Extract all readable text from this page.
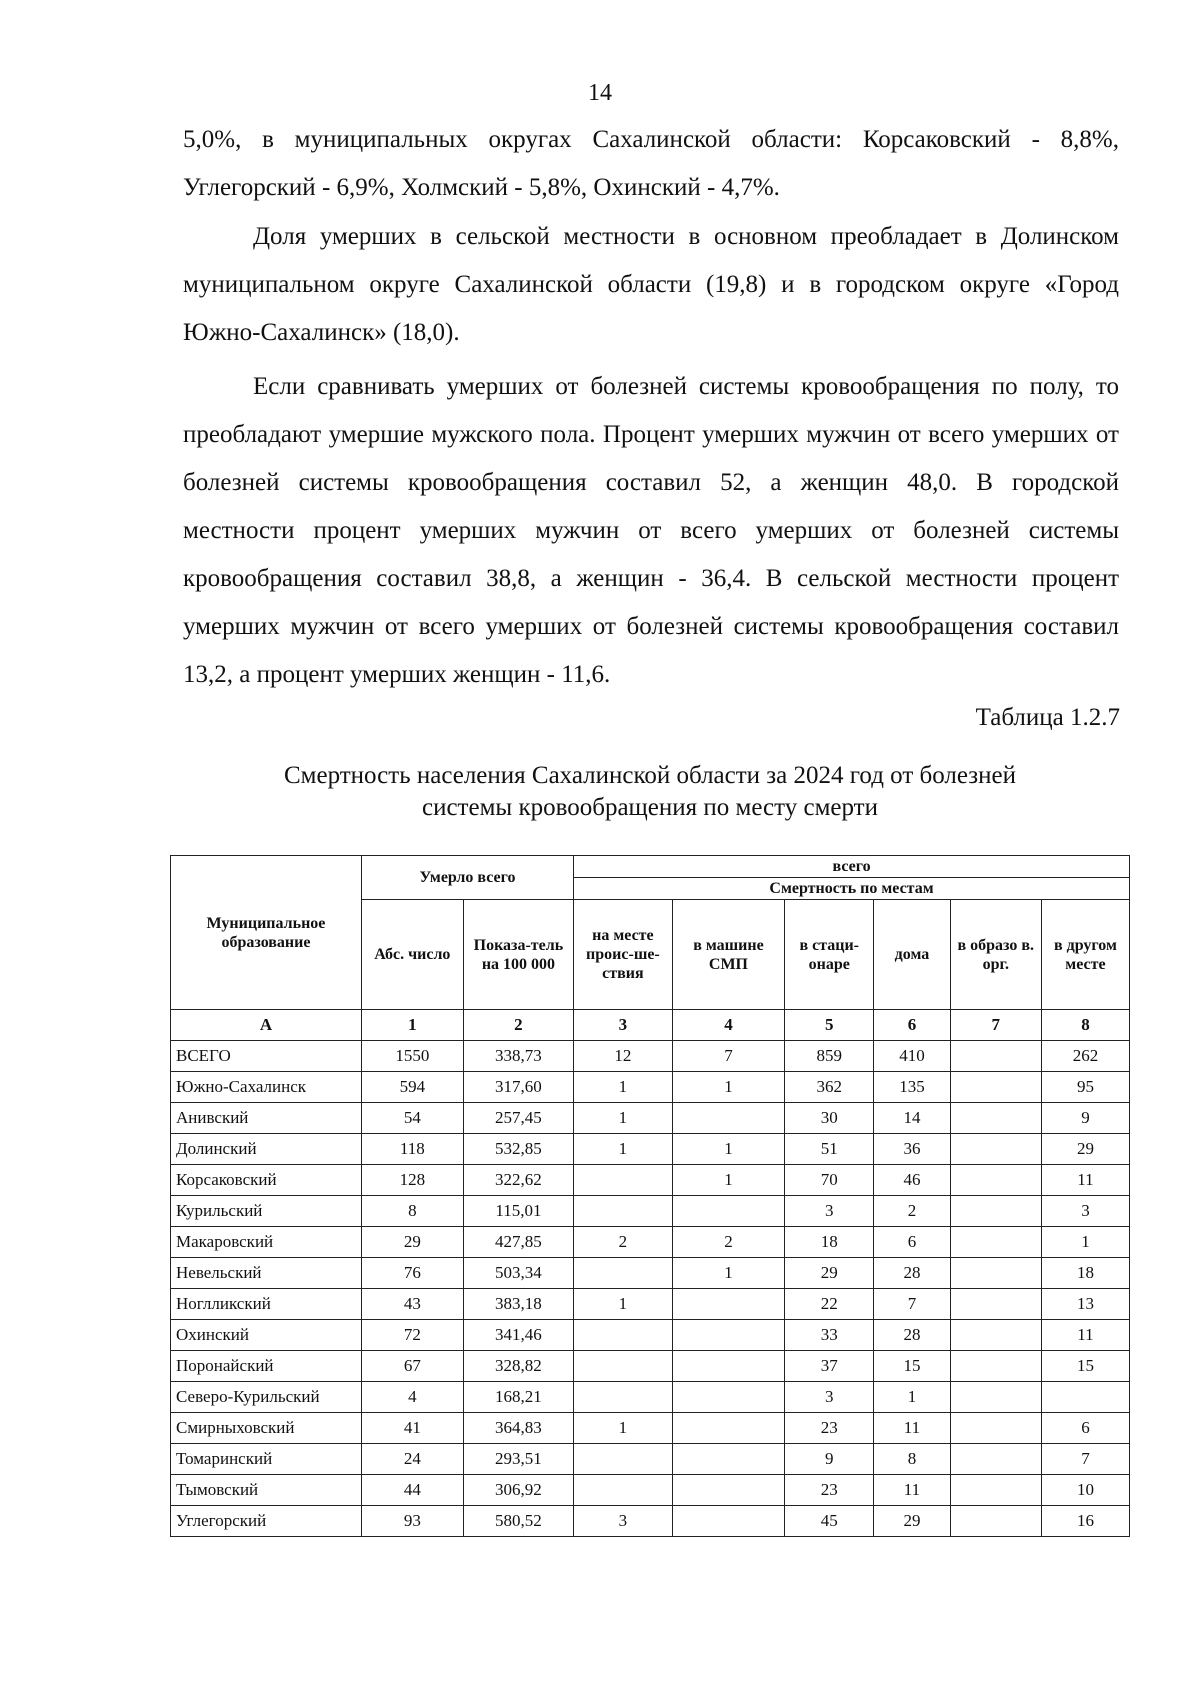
14

5,0%, в муниципальных округах Сахалинской области: Корсаковский - 8,8%, Углегорский - 6,9%, Холмский - 5,8%, Охинский - 4,7%.

Доля умерших в сельской местности в основном преобладает в Долинском муниципальном округе Сахалинской области (19,8) и в городском округе «Город Южно-Сахалинск» (18,0).

Если сравнивать умерших от болезней системы кровообращения по полу, то преобладают умершие мужского пола. Процент умерших мужчин от всего умерших от болезней системы кровообращения составил 52, а женщин 48,0. В городской местности процент умерших мужчин от всего умерших от болезней системы кровообращения составил 38,8, а женщин - 36,4. В сельской местности процент умерших мужчин от всего умерших от болезней системы кровообращения составил 13,2, а процент умерших женщин - 11,6.

Таблица 1.2.7
Смертность населения Сахалинской области за 2024 год от болезней
системы кровообращения по месту смерти
Муниципальное образование	Умерло всего		всего					
			Смертность по местам					
	Абс. число	Показа-тель на 100 000	на месте проис-ше-ствия	в машине СМП	в стаци-онаре	дома	в образо в. орг.	в другом месте
А	1	2	3	4	5	6	7	8
ВСЕГО	1550	338,73	12	7	859	410		262
Южно-Сахалинск	594	317,60	1	1	362	135		95
Анивский	54	257,45	1		30	14		9
Долинский	118	532,85	1	1	51	36		29
Корсаковский	128	322,62		1	70	46		11
Курильский	8	115,01			3	2		3
Макаровский	29	427,85	2	2	18	6		1
Невельский	76	503,34		1	29	28		18
Ноглликский	43	383,18	1		22	7		13
Охинский	72	341,46			33	28		11
Поронайский	67	328,82			37	15		15
Северо-Курильский	4	168,21			3	1		
Смирныховский	41	364,83	1		23	11		6
Томаринский	24	293,51			9	8		7
Тымовский	44	306,92			23	11		10
Углегорский	93	580,52	3		45	29		16
